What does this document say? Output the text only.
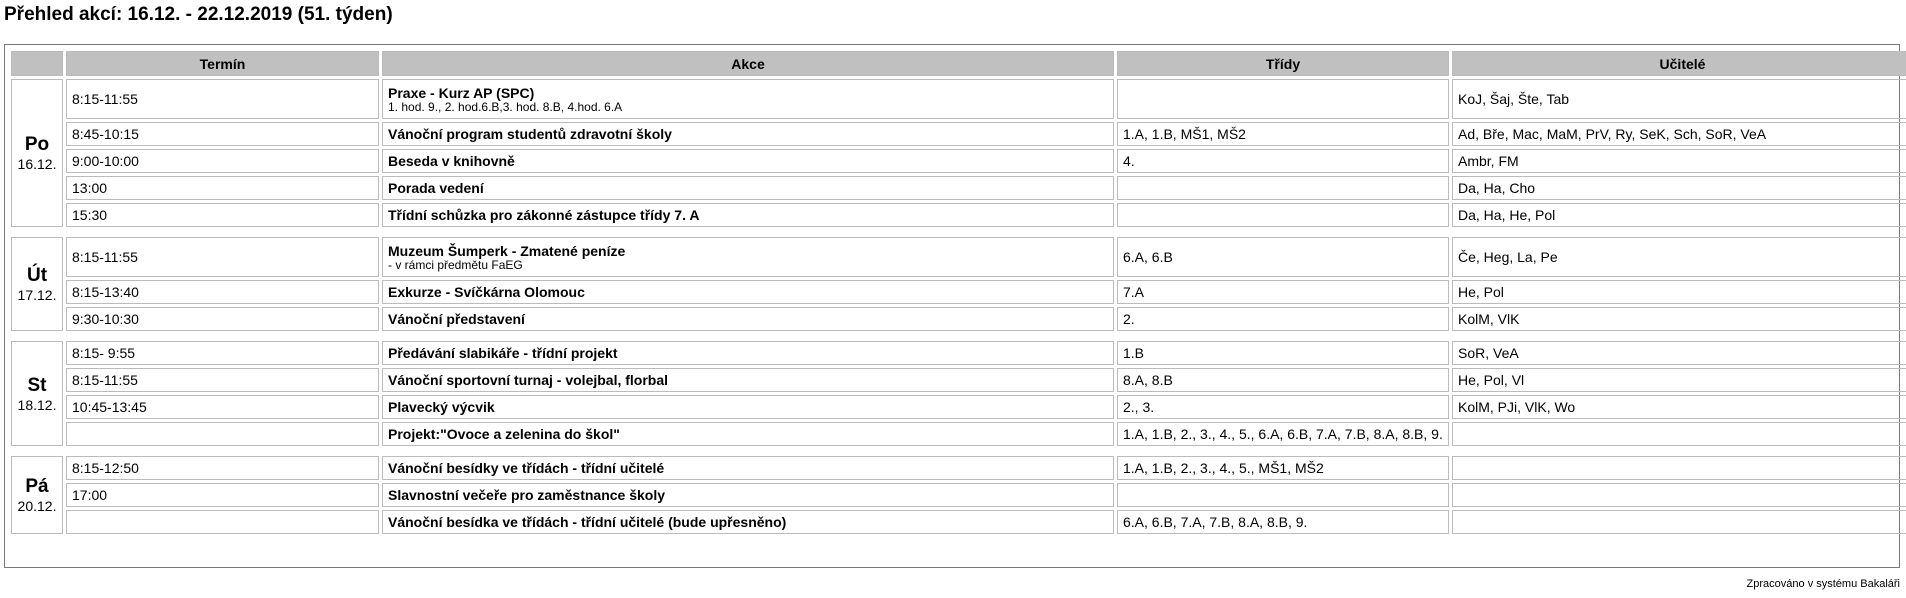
Přehled akcí: 16.12. - 22.12.2019 (51. týden)
	Termín	Akce	Třídy	Učitelé

Po
16.12.	8:15-11:55	Praxe - Kurz AP (SPC)
1. hod. 9., 2. hod.6.B,3. hod. 8.B, 4.hod. 6.A		KoJ, Šaj, Šte, Tab
	8:45-10:15	Vánoční program studentů zdravotní školy	1.A, 1.B, MŠ1, MŠ2	Ad, Bře, Mac, MaM, PrV, Ry, SeK, Sch, SoR, VeA
	9:00-10:00	Beseda v knihovně	4.	Ambr, FM
	13:00	Porada vedení		Da, Ha, Cho
	15:30	Třídní schůzka pro zákonné zástupce třídy 7. A		Da, Ha, He, Pol

Út
17.12.	8:15-11:55	Muzeum Šumperk - Zmatené peníze
- v rámci předmětu FaEG	6.A, 6.B	Če, Heg, La, Pe
	8:15-13:40	Exkurze - Svíčkárna Olomouc	7.A	He, Pol
	9:30-10:30	Vánoční představení	2.	KolM, VlK

St
18.12.	8:15- 9:55	Předávání slabikáře - třídní projekt	1.B	SoR, VeA
	8:15-11:55	Vánoční sportovní turnaj - volejbal, florbal	8.A, 8.B	He, Pol, Vl
	10:45-13:45	Plavecký výcvik	2., 3.	KolM, PJi, VlK, Wo

		Projekt:"Ovoce a zelenina do škol"	1.A, 1.B, 2., 3., 4., 5., 6.A, 6.B, 7.A, 7.B, 8.A, 8.B, 9.	

Pá
20.12.	8:15-12:50	Vánoční besídky ve třídách - třídní učitelé	1.A, 1.B, 2., 3., 4., 5., MŠ1, MŠ2	
	17:00	Slavnostní večeře pro zaměstnance školy		

		Vánoční besídka ve třídách - třídní učitelé (bude upřesněno)	6.A, 6.B, 7.A, 7.B, 8.A, 8.B, 9.	
Zpracováno v systému Bakaláři
